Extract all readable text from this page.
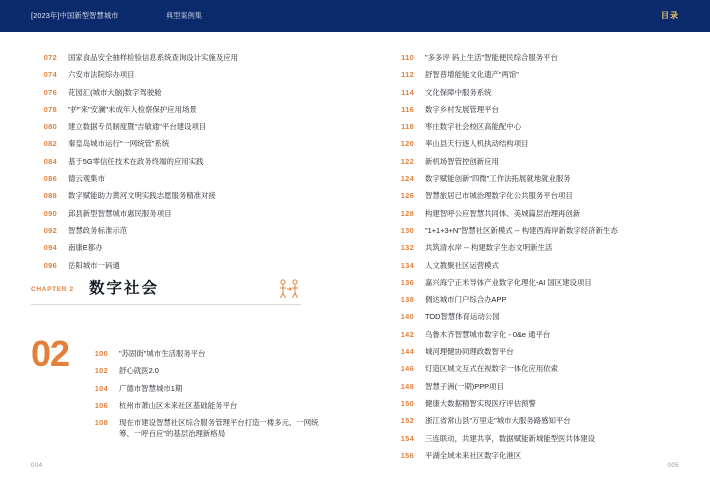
[2023年]中国新型智慧城市	典型案例集	目录
072	国家食品安全抽样检验信息系统查询设计实施及应用
074	六安市法院综办项目
076	花园汇(城市大脑)数字驾驶舱
078	"护"来"安澜"未成年人检察保护应用场景
080	建立数据专员制度暨"吉敏通"平台建设项目
082	秦皇岛城市运行"一网统管"系统
084	基于5G零信任技术在政务终端的应用实践
086	德云观集市
088	数字赋能助力黄河文明实践志愿服务精准对接
090	邱县新型智慧城市惠民服务项目
092	智慧政务标准示范
094	南康E都办
096	岳阳城市一码通
CHAPTER 2 数字社会
02	100	"苏固街"城市生活服务平台
102	舒心就医2.0
104	广德市智慧城市1期
106	杭州市萧山区未来社区基础能务平台
108	现在市建设智慧社区综合服务管理平台打造一楼多元、一网统筹、一呼百应"的基层治理新格局
110	"多多评 码上生活"智能便民综合服务平台
112	舒智普增能能文化遗产"两馆"
114	文化保障中服务系统
116	数字乡村发展管理平台
118	枣庄数字社会校区高能配中心
120	率山县天行逐人机执动结构项目
122	新机场智管控创新应用
124	数字赋能创新"四微"工作法拓展就地就业服务
126	智慧旅居已市城治理数字化公共服务平台项目
128	构建智呼公应智慧共同体、美城篇层治理再创新
130	"1+1+3+N"智慧社区新模式 -- 构建西海岸新数字经济新生态
132	共筑清水岸 -- 构建数字生态文明新生活
134	人文教聚社区运营模式
136	嘉兴海宁正米导体产业数字化理化-AI 国区建设项目
138	倜达城市门户综合办APP
140	TOD智慧体育运动公园
142	乌鲁木齐智慧城市数字化 - 0&e 通平台
144	城河理健协同理政数智平台
146	灯造区城文互式在视数字一体化应用依索
148	智慧子洲(一期)PPP项目
150	健康大数据精智实现医疗评估预警
152	浙江省常山县"万里走"城市大服务路感知平台
154	三连联动，共建共享，数据赋能新城能型医共体建设
156	平湖全域未来社区数字化港区
004	005
